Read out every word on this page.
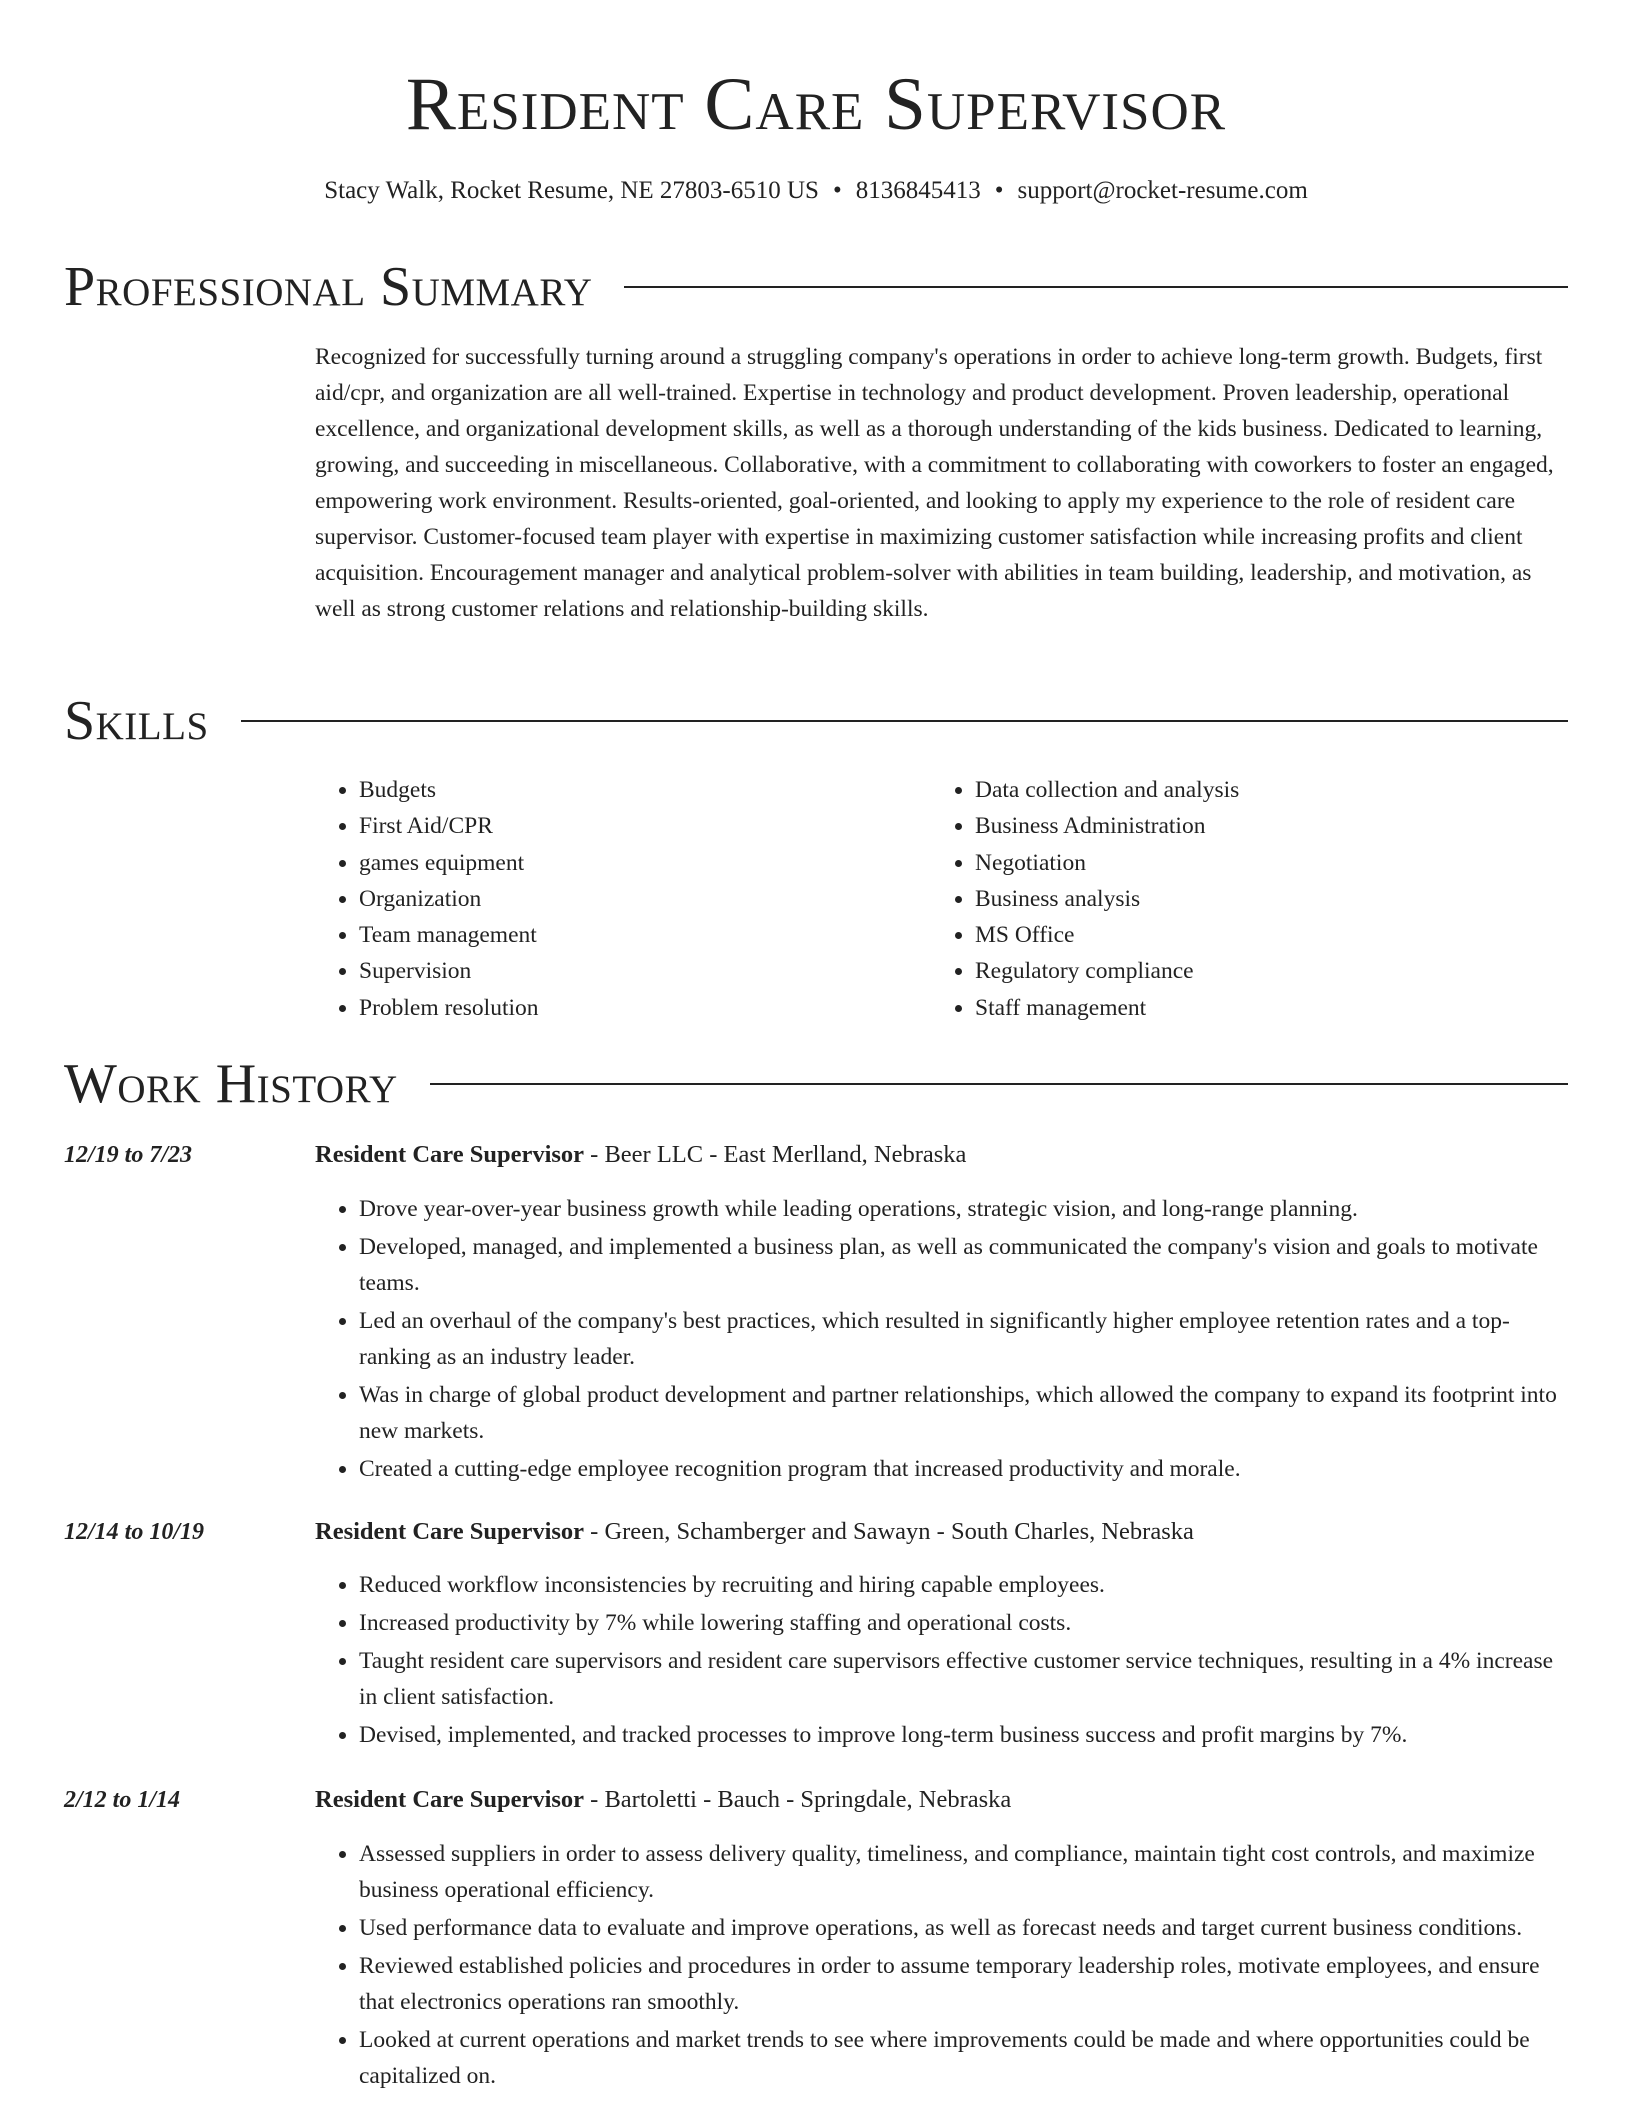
Resident Care Supervisor
Stacy Walk, Rocket Resume, NE 27803-6510 US • 8136845413 • support@rocket-resume.com
Professional Summary

Recognized for successfully turning around a struggling company's operations in order to achieve long-term growth. Budgets, first aid/cpr, and organization are all well-trained. Expertise in technology and product development. Proven leadership, operational excellence, and organizational development skills, as well as a thorough understanding of the kids business. Dedicated to learning, growing, and succeeding in miscellaneous. Collaborative, with a commitment to collaborating with coworkers to foster an engaged, empowering work environment. Results-oriented, goal-oriented, and looking to apply my experience to the role of resident care supervisor. Customer-focused team player with expertise in maximizing customer satisfaction while increasing profits and client acquisition. Encouragement manager and analytical problem-solver with abilities in team building, leadership, and motivation, as well as strong customer relations and relationship-building skills.

Skills
• Budgets
• First Aid/CPR
• games equipment
• Organization
• Team management
• Supervision
• Problem resolution
• Data collection and analysis
• Business Administration
• Negotiation
• Business analysis
• MS Office
• Regulatory compliance
• Staff management
Work History
12/19 to 7/23	Resident Care Supervisor - Beer LLC - East Merlland, Nebraska
• Drove year-over-year business growth while leading operations, strategic vision, and long-range planning.
• Developed, managed, and implemented a business plan, as well as communicated the company's vision and goals to motivate teams.
• Led an overhaul of the company's best practices, which resulted in significantly higher employee retention rates and a top-ranking as an industry leader.
• Was in charge of global product development and partner relationships, which allowed the company to expand its footprint into new markets.
• Created a cutting-edge employee recognition program that increased productivity and morale.
12/14 to 10/19	Resident Care Supervisor - Green, Schamberger and Sawayn - South Charles, Nebraska
• Reduced workflow inconsistencies by recruiting and hiring capable employees.
• Increased productivity by 7% while lowering staffing and operational costs.
• Taught resident care supervisors and resident care supervisors effective customer service techniques, resulting in a 4% increase in client satisfaction.
• Devised, implemented, and tracked processes to improve long-term business success and profit margins by 7%.
2/12 to 1/14	Resident Care Supervisor - Bartoletti - Bauch - Springdale, Nebraska
• Assessed suppliers in order to assess delivery quality, timeliness, and compliance, maintain tight cost controls, and maximize business operational efficiency.
• Used performance data to evaluate and improve operations, as well as forecast needs and target current business conditions.
• Reviewed established policies and procedures in order to assume temporary leadership roles, motivate employees, and ensure that electronics operations ran smoothly.
• Looked at current operations and market trends to see where improvements could be made and where opportunities could be capitalized on.
